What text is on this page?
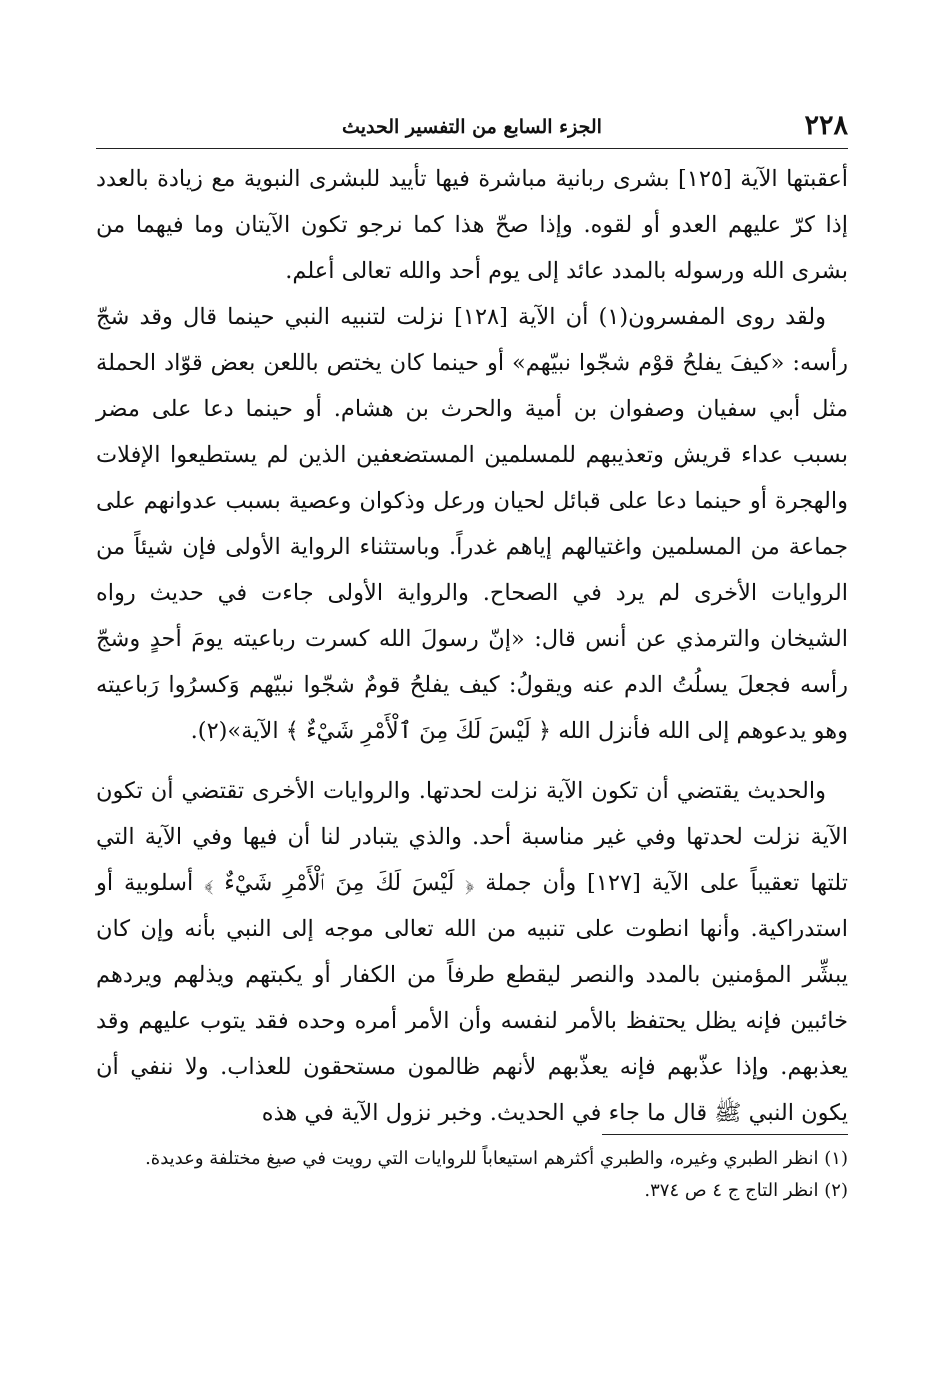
٢٢٨
الجزء السابع من التفسير الحديث

أعقبتها الآية [١٢٥] بشرى ربانية مباشرة فيها تأييد للبشرى النبوية مع زيادة بالعدد إذا كرّ عليهم العدو أو لقوه. وإذا صحّ هذا كما نرجو تكون الآيتان وما فيهما من بشرى الله ورسوله بالمدد عائد إلى يوم أحد والله تعالى أعلم.

ولقد روى المفسرون(١) أن الآية [١٢٨] نزلت لتنبيه النبي حينما قال وقد شجّ رأسه: «كيفَ يفلحُ قوْم شجّوا نبيّهم» أو حينما كان يختص باللعن بعض قوّاد الحملة مثل أبي سفيان وصفوان بن أمية والحرث بن هشام. أو حينما دعا على مضر بسبب عداء قريش وتعذيبهم للمسلمين المستضعفين الذين لم يستطيعوا الإفلات والهجرة أو حينما دعا على قبائل لحيان ورعل وذكوان وعصية بسبب عدوانهم على جماعة من المسلمين واغتيالهم إياهم غدراً. وباستثناء الرواية الأولى فإن شيئاً من الروايات الأخرى لم يرد في الصحاح. والرواية الأولى جاءت في حديث رواه الشيخان والترمذي عن أنس قال: «إنّ رسولَ الله كسرت رباعيته يومَ أحدٍ وشجّ رأسه فجعلَ يسلُتُ الدم عنه ويقولُ: كيف يفلحُ قومٌ شجّوا نبيّهم وَكسرُوا رَباعيته وهو يدعوهم إلى الله فأنزل الله ﴿ لَيْسَ لَكَ مِنَ ٱلْأَمْرِ شَيْءٌ ﴾ الآية»(٢).

والحديث يقتضي أن تكون الآية نزلت لحدتها. والروايات الأخرى تقتضي أن تكون الآية نزلت لحدتها وفي غير مناسبة أحد. والذي يتبادر لنا أن فيها وفي الآية التي تلتها تعقيباً على الآية [١٢٧] وأن جملة ﴿ لَيْسَ لَكَ مِنَ ٱلْأَمْرِ شَيْءٌ ﴾ أسلوبية أو استدراكية. وأنها انطوت على تنبيه من الله تعالى موجه إلى النبي بأنه وإن كان يبشِّر المؤمنين بالمدد والنصر ليقطع طرفاً من الكفار أو يكبتهم ويذلهم ويردهم خائبين فإنه يظل يحتفظ بالأمر لنفسه وأن الأمر أمره وحده فقد يتوب عليهم وقد يعذبهم. وإذا عذّبهم فإنه يعذّبهم لأنهم ظالمون مستحقون للعذاب. ولا ننفي أن يكون النبي ﷺ قال ما جاء في الحديث. وخبر نزول الآية في هذه

(١) انظر الطبري وغيره، والطبري أكثرهم استيعاباً للروايات التي رويت في صيغ مختلفة وعديدة.

(٢) انظر التاج ج ٤ ص ٣٧٤.
